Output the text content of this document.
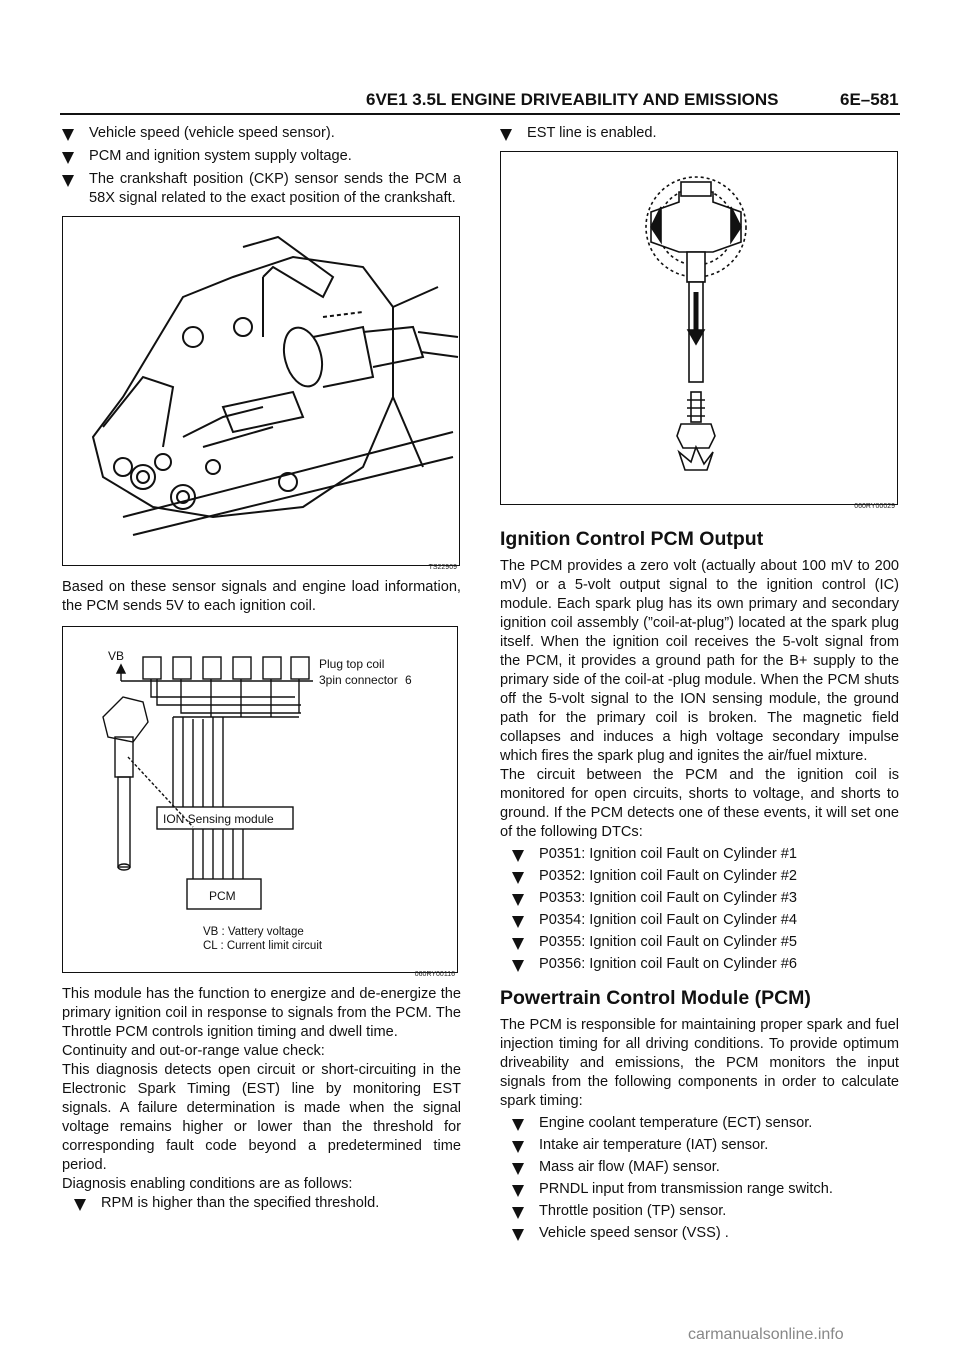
6VE1 3.5L ENGINE DRIVEABILITY AND EMISSIONS	6E–581
Vehicle speed (vehicle speed sensor).
PCM and ignition system supply voltage.
The crankshaft position (CKP) sensor sends the PCM a 58X signal related to the exact position of the crankshaft.
TS22909

Based on these sensor signals and engine load information, the PCM sends 5V to each ignition coil.

VB
Plug top coil
3pin connector 6
ION Sensing module
PCM
VB : Vattery voltage
CL : Current limit circuit
060RY00116

This module has the function to energize and de-energize the primary ignition coil in response to signals from the PCM. The Throttle PCM controls ignition timing and dwell time.

Continuity and out-or-range value check:

This diagnosis detects open circuit or short-circuiting in the Electronic Spark Timing (EST) line by monitoring EST signals. A failure determination is made when the signal voltage remains higher or lower than the threshold for corresponding fault code beyond a predetermined time period.

Diagnosis enabling conditions are as follows:

RPM is higher than the specified threshold.
EST line is enabled.
060RY00029
Ignition Control PCM Output

The PCM provides a zero volt (actually about 100 mV to 200 mV) or a 5-volt output signal to the ignition control (IC) module. Each spark plug has its own primary and secondary ignition coil assembly (”coil-at-plug”) located at the spark plug itself. When the ignition coil receives the 5-volt signal from the PCM, it provides a ground path for the B+ supply to the primary side of the coil-at -plug module. When the PCM shuts off the 5-volt signal to the ION sensing module, the ground path for the primary coil is broken. The magnetic field collapses and induces a high voltage secondary impulse which fires the spark plug and ignites the air/fuel mixture.

The circuit between the PCM and the ignition coil is monitored for open circuits, shorts to voltage, and shorts to ground. If the PCM detects one of these events, it will set one of the following DTCs:

P0351: Ignition coil Fault on Cylinder #1
P0352: Ignition coil Fault on Cylinder #2
P0353: Ignition coil Fault on Cylinder #3
P0354: Ignition coil Fault on Cylinder #4
P0355: Ignition coil Fault on Cylinder #5
P0356: Ignition coil Fault on Cylinder #6
Powertrain Control Module (PCM)

The PCM is responsible for maintaining proper spark and fuel injection timing for all driving conditions. To provide optimum driveability and emissions, the PCM monitors the input signals from the following components in order to calculate spark timing:

Engine coolant temperature (ECT) sensor.
Intake air temperature (IAT) sensor.
Mass air flow (MAF) sensor.
PRNDL input from transmission range switch.
Throttle position (TP) sensor.
Vehicle speed sensor (VSS) .
carmanualsonline.info
